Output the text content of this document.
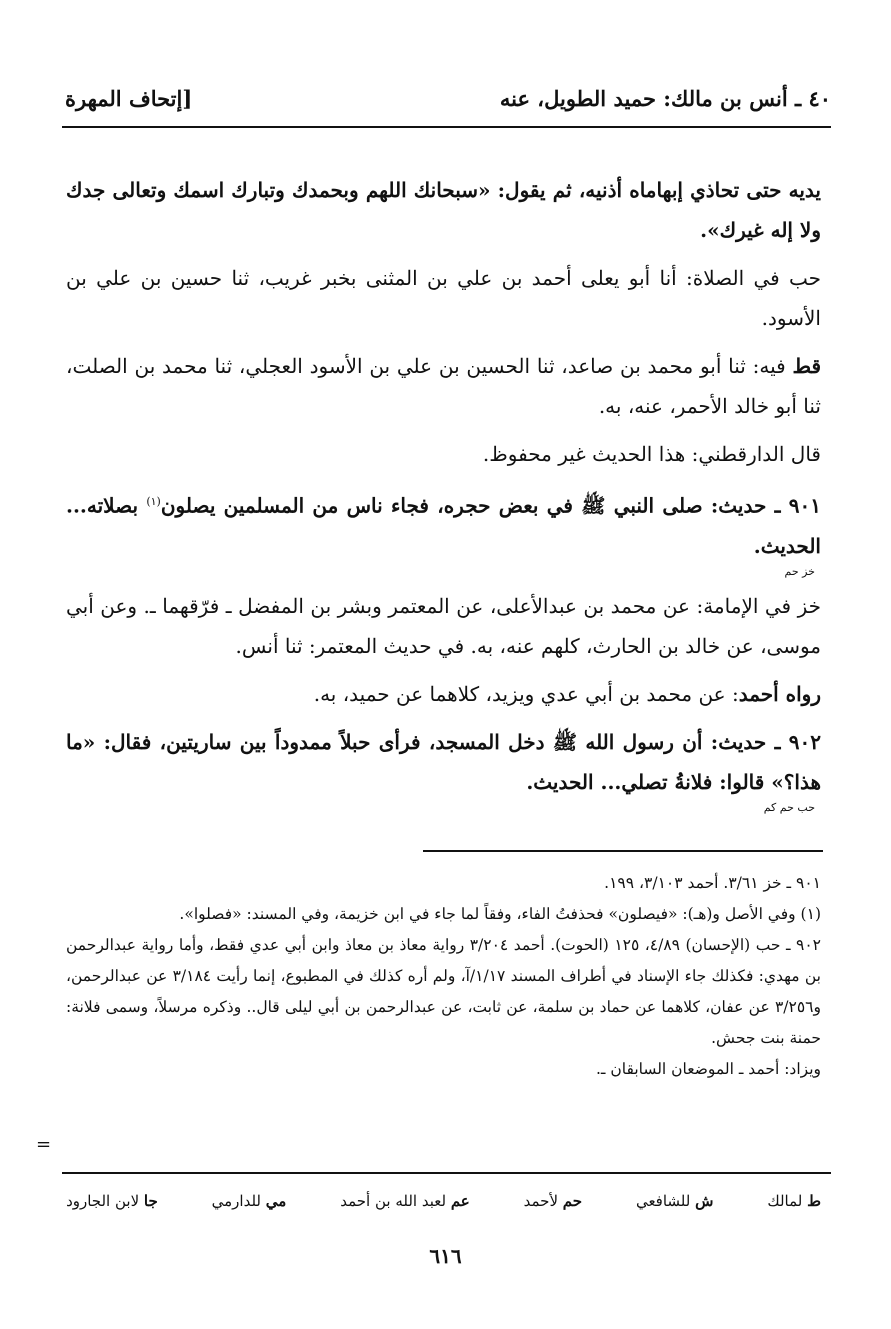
٤٠ ـ أنس بن مالك: حميد الطويل، عنه
[إتحاف المهرة

يديه حتى تحاذي إبهاماه أذنيه، ثم يقول: «سبحانك اللهم وبحمدك وتبارك اسمك وتعالى جدك ولا إله غيرك».

حب في الصلاة: أنا أبو يعلى أحمد بن علي بن المثنى بخبر غريب، ثنا حسين بن علي بن الأسود.

قط فيه: ثنا أبو محمد بن صاعد، ثنا الحسين بن علي بن الأسود العجلي، ثنا محمد بن الصلت، ثنا أبو خالد الأحمر، عنه، به.

قال الدارقطني: هذا الحديث غير محفوظ.

٩٠١ ـ حديث: صلى النبي ﷺ في بعض حجره، فجاء ناس من المسلمين يصلون$^{(١)}$ بصلاته... الحديث.
خز حم

خز في الإمامة: عن محمد بن عبدالأعلى، عن المعتمر وبشر بن المفضل ـ فرّقهما ـ. وعن أبي موسى، عن خالد بن الحارث، كلهم عنه، به. في حديث المعتمر: ثنا أنس.

رواه أحمد: عن محمد بن أبي عدي ويزيد، كلاهما عن حميد، به.

٩٠٢ ـ حديث: أن رسول الله ﷺ دخل المسجد، فرأى حبلاً ممدوداً بين ساريتين، فقال: «ما هذا؟» قالوا: فلانةُ تصلي... الحديث.
حب حم كم

٩٠١ ـ خز ٣/٦١. أحمد ٣/١٠٣، ١٩٩.

(١) وفي الأصل و(هـ): «فيصلون» فحذفتُ الفاء، وفقاً لما جاء في ابن خزيمة، وفي المسند: «فصلوا».

٩٠٢ ـ حب (الإحسان) ٤/٨٩، ١٢٥ (الحوت). أحمد ٣/٢٠٤ رواية معاذ بن معاذ وابن أبي عدي فقط، وأما رواية عبدالرحمن بن مهدي: فكذلك جاء الإسناد في أطراف المسند ١/١٧/آ، ولم أره كذلك في المطبوع، إنما رأيت ٣/١٨٤ عن عبدالرحمن، و٣/٢٥٦ عن عفان، كلاهما عن حماد بن سلمة، عن ثابت، عن عبدالرحمن بن أبي ليلى قال.. وذكره مرسلاً، وسمى فلانة: حمنة بنت جحش.

ويزاد: أحمد ـ الموضعان السابقان ـ.

=
ط لمالك
ش للشافعي
حم لأحمد
عم لعبد الله بن أحمد
مي للدارمي
جا لابن الجارود
٦١٦
